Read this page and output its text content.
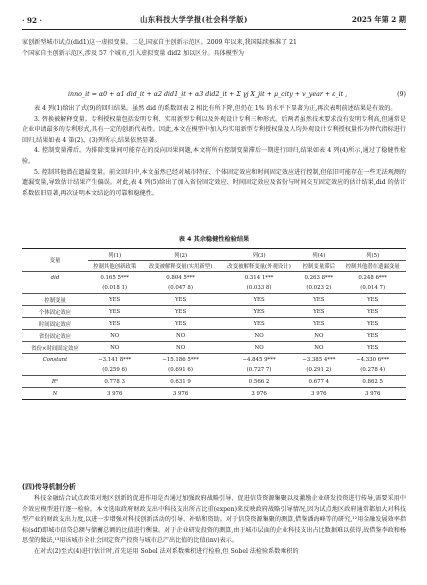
· 92 ·	山东科技大学学报(社会科学版)	2025 年第 2 期

家创新型城市试点(did1)这一虚拟变量。二是,国家自主创新示范区。2009 年以来,我国陆续推准了 21

个国家自主创新示范区,涉及 57 个城市,引入虚拟变量 did2 加以区分。具体模型为

inno_it = α0 + α1 did_it + α2 did1_it + α3 did2_it + Σ γj X_jit + μ_city + v_year + ε_it ,	(9)

表 4 列(1)给出了式(9)的回归结果。虽然 did 的系数回表 2 相比有所下降,但仍在 1% 的水平下显著为正,再次表明前述结果是有效的。

3. 替换被解释变量。专利授权量包括发明专利、实用新型专利以及外观设计专利三种形式。后两者虽然技术要求没有发明专利高,但通常是企业申请最多的专利形式,具有一定的创新代表性。因此,本文在模型中加入均实用新型专利授权量及人均外观设计专利授权量作为替代指标进行回归,结果如表 4 第(2)、(3)列所示,结果依然显著。

4. 控制变量滞后。为排除变量间可能存在的反向因果问题,本文将所有控制变量滞后一期进行回归,结果如表 4 列(4)所示,通过了稳健性检验。

5. 控制其他潜在遗漏变量。前文回归中,本文虽然已经对城市特征、个体固定效应和时间固定效应进行控制,但依旧可能存在一些无法观测的遗漏变量,导致估计结果产生偏误。对此,表 4 列(5)给出了加入省份固定效应、时间固定效应及省份与时间交互固定效应的估计结果,did 的估计系数依旧显著,再次证明本文结论的可靠和稳健性。

表 4 其余稳健性检验结果
变量	列(1)	列(2)	列(3)	列(4)	列(5)
	控制其他创新政策	改变被解释变量(实用新型)	改变被解释变量(外观设计)	控制变量滞后	控制其他潜在遗漏变量
did	0.165 5***	0.804 5***	0.314 1***	0.263 8***	0.248 6***
	(0.018 1)	(0.047 8)	(0.033 8)	(0.023 2)	(0.014 7)
控制变量	YES	YES	YES	YES	YES
个体固定效应	YES	YES	YES	YES	YES
时间固定效应	YES	YES	YES	YES	YES
省份固定效应	NO	NO	NO	NO	YES
省份×时间固定效应	NO	NO	NO	NO	YES
Constant	−3.141 8***	−15.186 5***	−4.845 9***	−3.385 4***	−4.330 6***
	(0.259 6)	(0.691 6)	(0.727 7)	(0.291 2)	(0.278 4)
R²	0.778 3	0.631 9	0.566 2	0.677 4	0.862 5
N	3 976	3 976	3 976	3 976	3 976
(四)传导机制分析

科技金融结合试点政策对地区创新的促进作用是否通过加强政府战略引导、促进信贷资源集聚以及激励企业研发投资进行传导,需要采用中介效应模型进行逐一检验。本文选取政府财政支出中科技支出所占比重(expen)来反映政府战略引导情况,因为试点地区政府通常都加大对科技型产业的财政支出力度,以进一步增强对科技创新活动的引导、补贴和资助。对于信贷资源集聚的测算,借鉴潘海峰等的研究,¹²用金融发展效率指标(sdf)即城市信贷总额与储蓄总额的比值进行衡量。对于企业研发投资的测算,由于城市层面的企业科技支出占比数据难以获得,故借鉴李政和杨思莹的做法,¹³用该城市全社会固定资产投资与城市总产出比值的比值(inv)表示。

在对式(2)至式(4)进行估计时,首先运用 Sobel 法对系数乘积进行检验,但 Sobel 法检验系数乘积的
